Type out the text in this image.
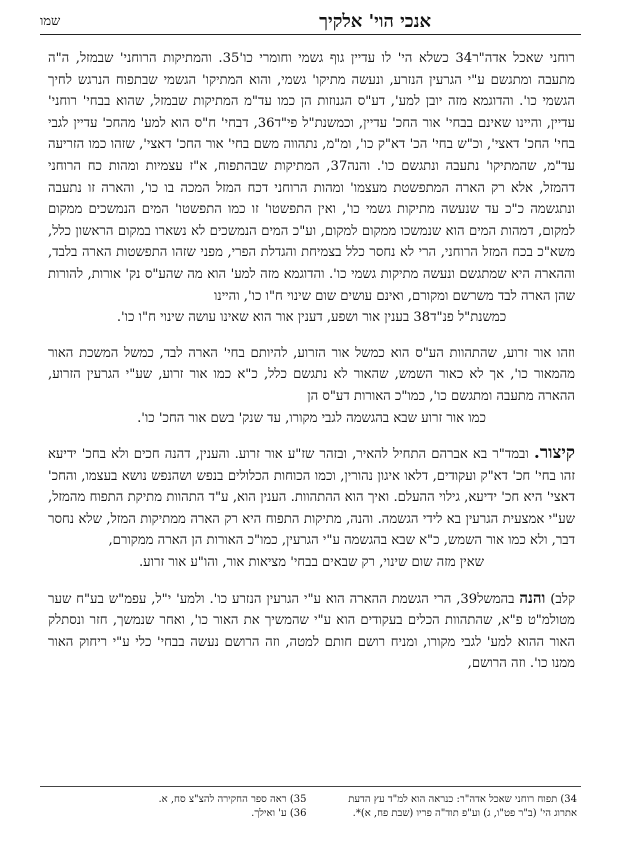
אנכי הוי' אלקיך
שמו

רוחני שאכל אדה"ר34 כשלא הי' לו עדיין גוף גשמי וחומרי כו'35. והמתיקות הרוחני' שבמזל, ה"ה מתעבה ומתגשם ע"י הגרעין הנזרע, ונעשה מתיקו' גשמי, והוא המתיקו' הגשמי שבתפוח הנרגש לחיך הגשמי כו'. והדוגמא מזה יובן למע', דע"ס הגנוזות הן כמו עד"מ המתיקות שבמזל, שהוא בבחי' רוחני' עדיין, והיינו שאינם בבחי' אור החכ' עדיין, וכמשנת"ל פי"ד36, דבחי' ח"ס הוא למע' מהחכ' עדיין לגבי בחי' החכ' דאצי', וכ"ש בחי' הכ' דא"ק כו', ומ"מ, נתהווה משם בחי' אור החכ' דאצי', שזהו כמו הזריעה עד"מ, שהמתיקו' נתעבה ונתגשם כו'. והנה37, המתיקות שבהתפוח, א"ז עצמיות ומהות כח הרוחני דהמזל, אלא רק הארה המתפשטת מעצמו' ומהות הרוחני דכח המזל המכה בו כו', והארה זו נתעבה ונתגשמה כ"כ עד שנעשה מתיקות גשמי כו', ואין התפשטו' זו כמו התפשטו' המים הנמשכים ממקום למקום, דמהות המים הוא שנמשכו ממקום למקום, וע"כ המים הנמשכים לא נשארו במקום הראשון כלל, משא"כ בכח המזל הרוחני, הרי לא נחסר כלל בצמיחת והגדלת הפרי, מפני שזהו התפשטות הארה בלבד, וההארה היא שמתגשם ונעשה מתיקות גשמי כו'. והדוגמא מזה למע' הוא מה שהע"ס נק' אורות, להורות שהן הארה לבד משרשם ומקורם, ואינם עושים שום שינוי ח"ו כו', והיינו
כמשנת"ל פנ"ד38 בענין אור ושפע, דענין אור הוא שאינו עושה שינוי ח"ו כו'.

וזהו אור זרוע, שהתהוות הע"ס הוא כמשל אור הזרוע, להיותם בחי' הארה לבד, כמשל המשכת האור מהמאור כו', אך לא כאור השמש, שהאור לא נתגשם כלל, כ"א כמו אור זרוע, שע"י הגרעין הזרוע, ההארה מתעבה ומתגשם כו', כמו"כ האורות דע"ס הן
כמו אור זרוע שבא בהגשמה לגבי מקורו, עד שנק' בשם אור החכ' כו'.

קיצור. ובמד"ר בא אברהם התחיל להאיר, ובזהר שז"ע אור זרוע. והענין, דהנה חכים ולא בחכ' ידיעא זהו בחי' חכ' דא"ק ועקודים, דלאו איגון נהורין, וכמו הכוחות הכלולים בנפש ושהנפש נושא בעצמו, והחכ' דאצי' היא חכ' ידיעא, גילוי ההעלם. ואיך הוא ההתהוות. הענין הוא, ע"ד התהוות מתיקת התפוח מהמזל, שע"י אמצעית הגרעין בא לידי הגשמה. והנה, מתיקות התפוח היא רק הארה ממתיקות המזל, שלא נחסר דבר, ולא כמו אור השמש, כ"א שבא בהגשמה ע"י הגרעין, כמו"כ האורות הן הארה ממקורם,
שאין מזה שום שינוי, רק שבאים בבחי' מציאות אור, והו"ע אור זרוע.

קלב) והנה בהמשל39, הרי הגשמת ההארה הוא ע"י הגרעין הנזרע כו'. ולמע' י"ל, עפמ"ש בע"ח שער מטולמ"ט פ"א, שהתהוות הכלים בעקודים הוא ע"י שהמשיך את האור כו', ואחר שנמשך, חזר ונסתלק האור ההוא למע' לגבי מקורו, ומניח רושם חותם למטה, וזה הרושם נעשה בבחי' כלי ע"י ריחוק האור ממנו כו'. וזה הרושם,

34) תפוח רוחני שאכל אדה"ר: כנראה הוא למ"ד עץ הדעת
אתרוג הי' (ב"ר פט"ו, ג) וע"פ תוד"ה פריו (שבת פח, א)*.
35) ראה ספר החקירה להצ"צ סח, א.
36) ע' ואילך.
